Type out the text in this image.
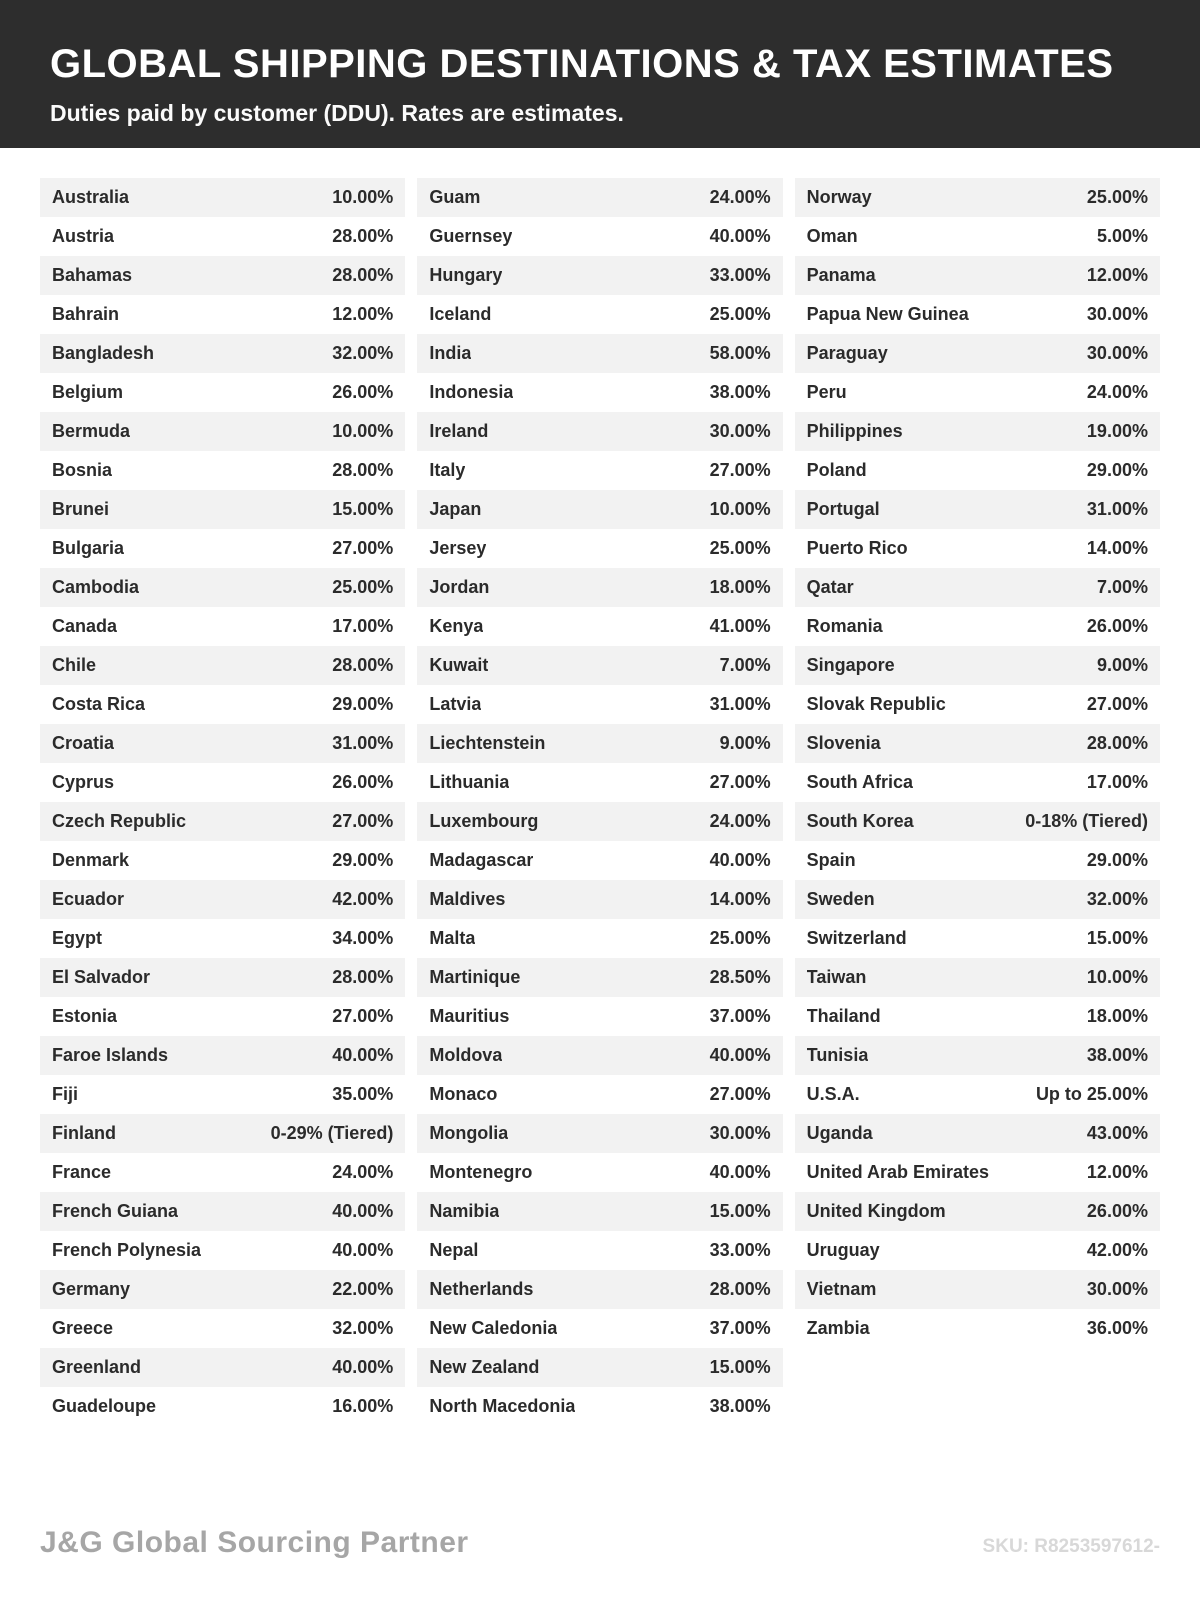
GLOBAL SHIPPING DESTINATIONS & TAX ESTIMATES
Duties paid by customer (DDU). Rates are estimates.
Australia	10.00%
Austria	28.00%
Bahamas	28.00%
Bahrain	12.00%
Bangladesh	32.00%
Belgium	26.00%
Bermuda	10.00%
Bosnia	28.00%
Brunei	15.00%
Bulgaria	27.00%
Cambodia	25.00%
Canada	17.00%
Chile	28.00%
Costa Rica	29.00%
Croatia	31.00%
Cyprus	26.00%
Czech Republic	27.00%
Denmark	29.00%
Ecuador	42.00%
Egypt	34.00%
El Salvador	28.00%
Estonia	27.00%
Faroe Islands	40.00%
Fiji	35.00%
Finland	0-29% (Tiered)
France	24.00%
French Guiana	40.00%
French Polynesia	40.00%
Germany	22.00%
Greece	32.00%
Greenland	40.00%
Guadeloupe	16.00%
Guam	24.00%
Guernsey	40.00%
Hungary	33.00%
Iceland	25.00%
India	58.00%
Indonesia	38.00%
Ireland	30.00%
Italy	27.00%
Japan	10.00%
Jersey	25.00%
Jordan	18.00%
Kenya	41.00%
Kuwait	7.00%
Latvia	31.00%
Liechtenstein	9.00%
Lithuania	27.00%
Luxembourg	24.00%
Madagascar	40.00%
Maldives	14.00%
Malta	25.00%
Martinique	28.50%
Mauritius	37.00%
Moldova	40.00%
Monaco	27.00%
Mongolia	30.00%
Montenegro	40.00%
Namibia	15.00%
Nepal	33.00%
Netherlands	28.00%
New Caledonia	37.00%
New Zealand	15.00%
North Macedonia	38.00%
Norway	25.00%
Oman	5.00%
Panama	12.00%
Papua New Guinea	30.00%
Paraguay	30.00%
Peru	24.00%
Philippines	19.00%
Poland	29.00%
Portugal	31.00%
Puerto Rico	14.00%
Qatar	7.00%
Romania	26.00%
Singapore	9.00%
Slovak Republic	27.00%
Slovenia	28.00%
South Africa	17.00%
South Korea	0-18% (Tiered)
Spain	29.00%
Sweden	32.00%
Switzerland	15.00%
Taiwan	10.00%
Thailand	18.00%
Tunisia	38.00%
U.S.A.	Up to 25.00%
Uganda	43.00%
United Arab Emirates	12.00%
United Kingdom	26.00%
Uruguay	42.00%
Vietnam	30.00%
Zambia	36.00%
J&G Global Sourcing Partner	SKU: R8253597612-
